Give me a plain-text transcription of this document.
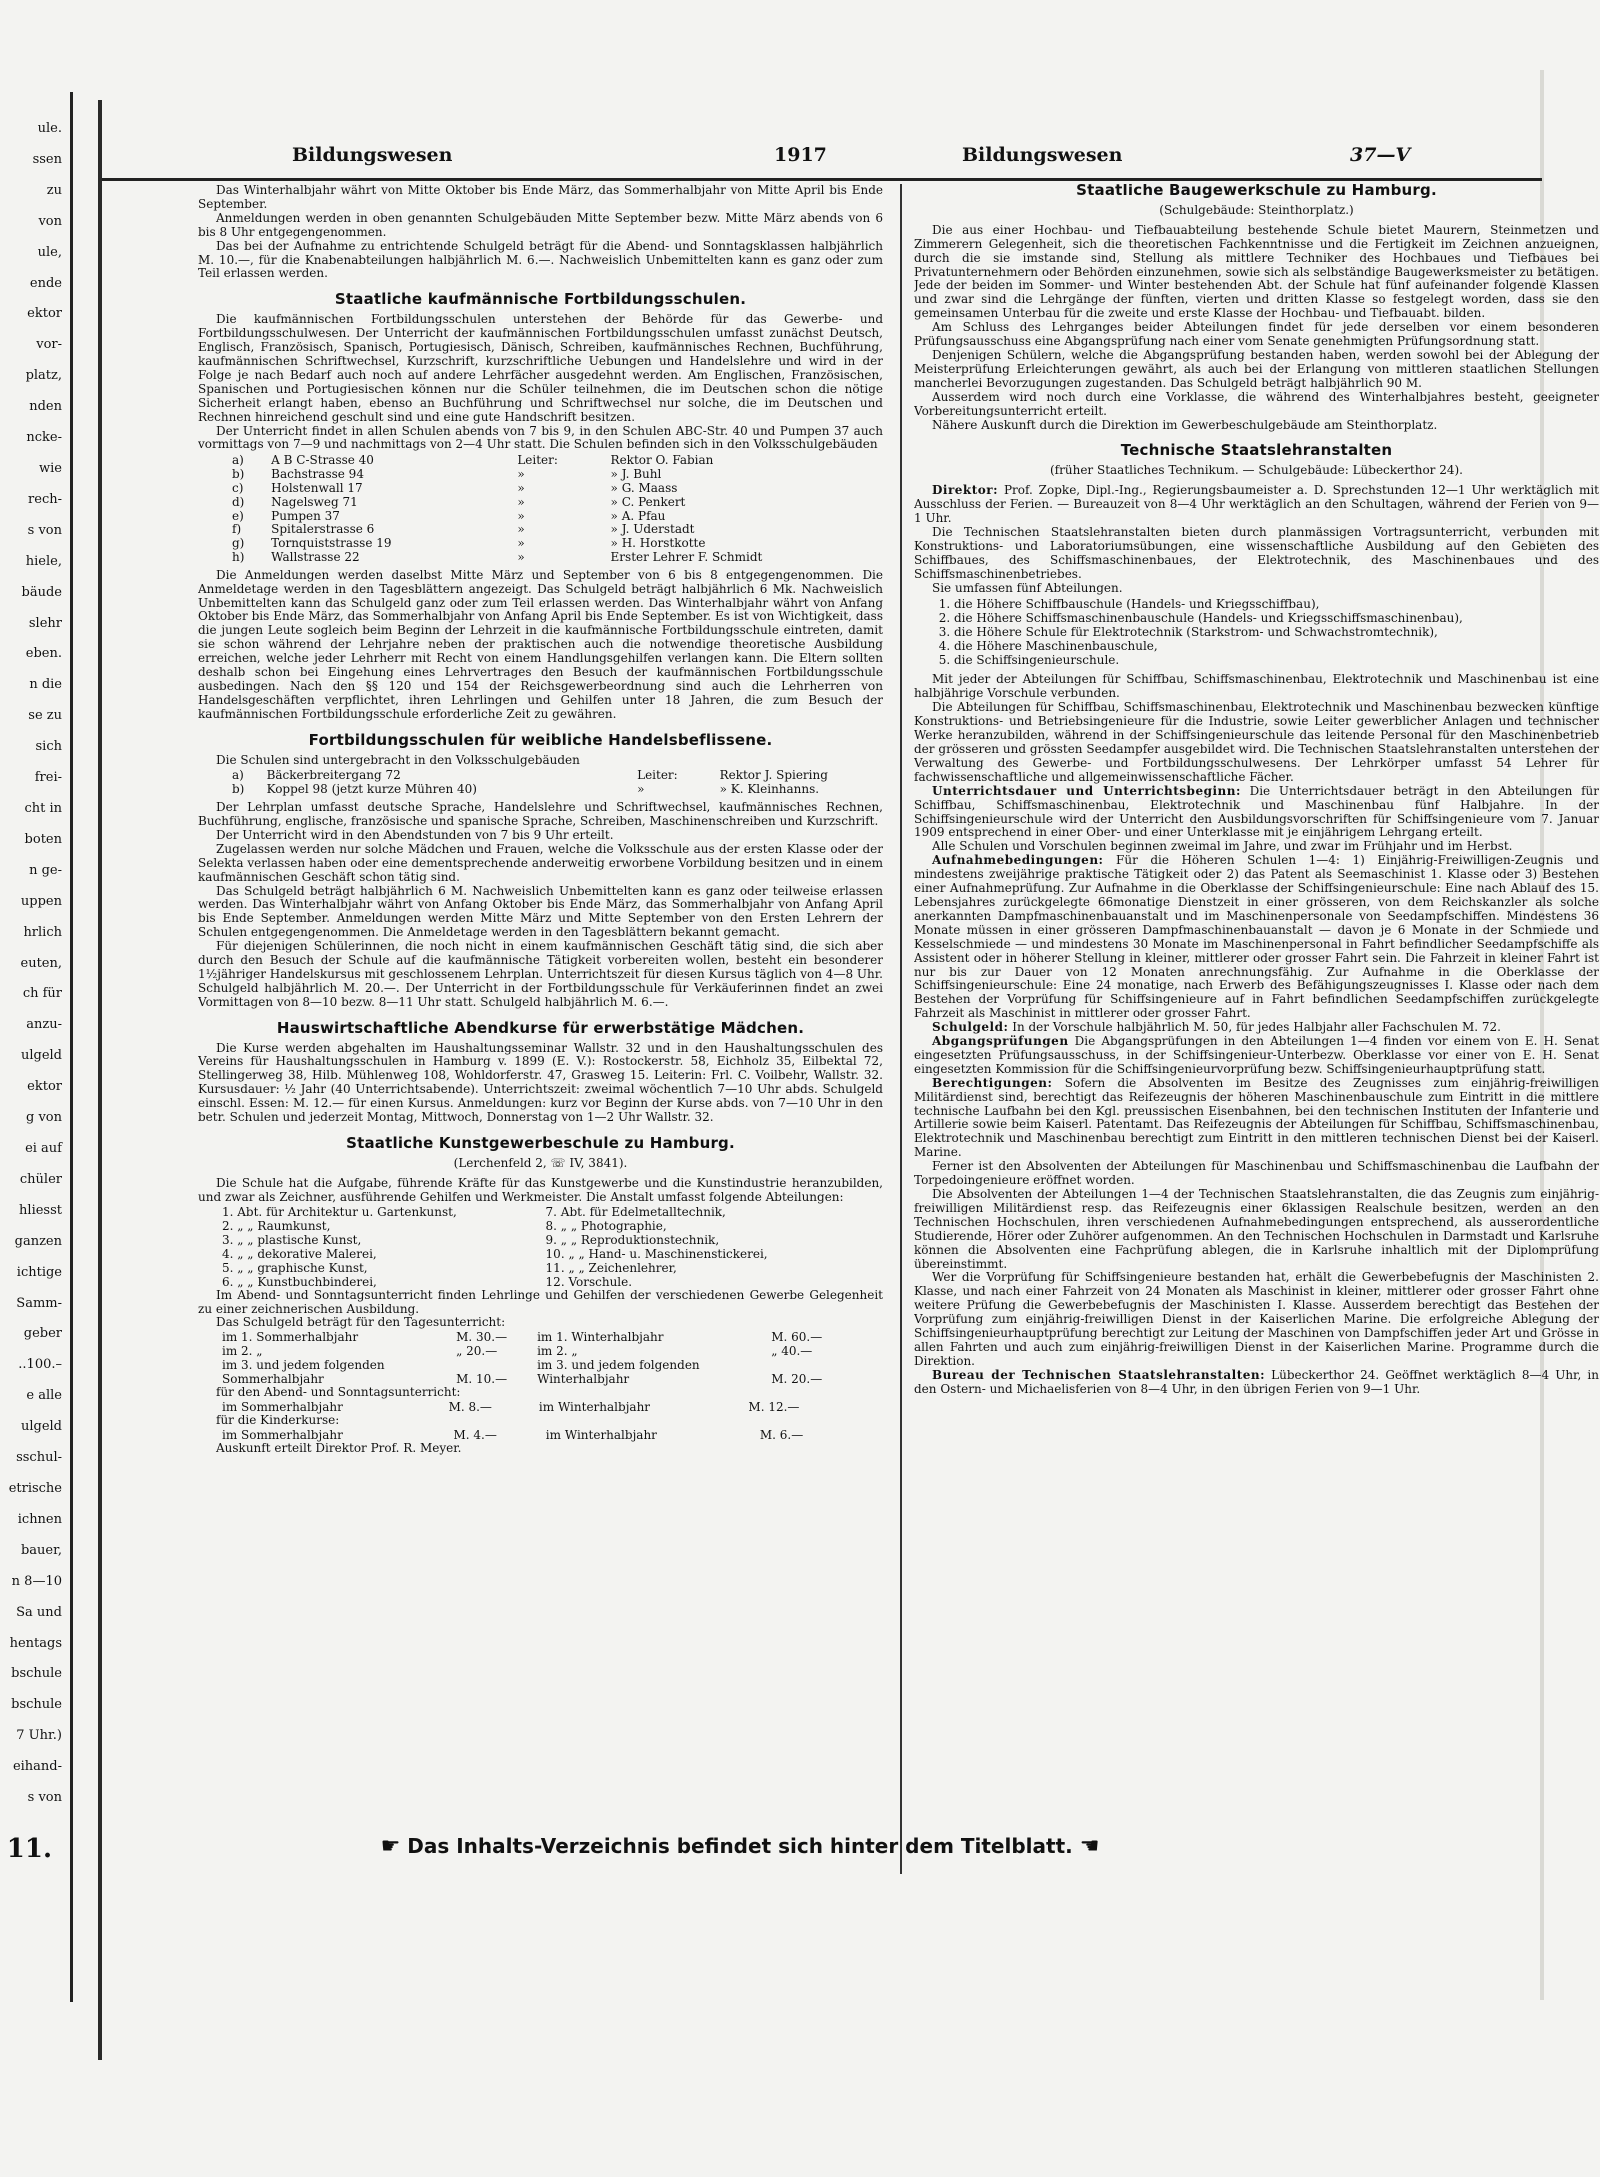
ule.
ssen
zu
von
ule,
ende
ektor
vor-
platz,
nden
ncke-
wie
rech-
s von
hiele,
bäude
slehr
eben.
n die
se zu
sich
frei-
cht in
boten
n ge-
uppen
hrlich
euten,
ch für
anzu-
ulgeld
ektor
g von
ei auf
chüler
hliesst
ganzen
ichtige
Samm-
geber
..100.–
e alle
ulgeld
sschul-
etrische
ichnen
bauer,
n 8—10
Sa und
hentags
bschule
bschule
7 Uhr.)
eihand-
s von
11.
Bildungswesen	1917	Bildungswesen	37—V

Das Winterhalbjahr währt von Mitte Oktober bis Ende März, das Sommerhalbjahr von Mitte April bis Ende September.

Anmeldungen werden in oben genannten Schulgebäuden Mitte September bezw. Mitte März abends von 6 bis 8 Uhr entgegengenommen.

Das bei der Aufnahme zu entrichtende Schulgeld beträgt für die Abend- und Sonntagsklassen halbjährlich M. 10.—, für die Knabenabteilungen halbjährlich M. 6.—. Nachweislich Unbemittelten kann es ganz oder zum Teil erlassen werden.

Staatliche kaufmännische Fortbildungsschulen.

Die kaufmännischen Fortbildungsschulen unterstehen der Behörde für das Gewerbe- und Fortbildungsschulwesen. Der Unterricht der kaufmännischen Fortbildungsschulen umfasst zunächst Deutsch, Englisch, Französisch, Spanisch, Portugiesisch, Dänisch, Schreiben, kaufmännisches Rechnen, Buchführung, kaufmännischen Schriftwechsel, Kurzschrift, kurzschriftliche Uebungen und Handelslehre und wird in der Folge je nach Bedarf auch noch auf andere Lehrfächer ausgedehnt werden. Am Englischen, Französischen, Spanischen und Portugiesischen können nur die Schüler teilnehmen, die im Deutschen schon die nötige Sicherheit erlangt haben, ebenso an Buchführung und Schriftwechsel nur solche, die im Deutschen und Rechnen hinreichend geschult sind und eine gute Handschrift besitzen.

Der Unterricht findet in allen Schulen abends von 7 bis 9, in den Schulen ABC-Str. 40 und Pumpen 37 auch vormittags von 7—9 und nachmittags von 2—4 Uhr statt. Die Schulen befinden sich in den Volksschulgebäuden

a)	A B C-Strasse 40	Leiter:	Rektor O. Fabian
b)	Bachstrasse 94	»	» J. Buhl
c)	Holstenwall 17	»	» G. Maass
d)	Nagelsweg 71	»	» C. Penkert
e)	Pumpen 37	»	» A. Pfau
f)	Spitalerstrasse 6	»	» J. Uderstadt
g)	Tornquiststrasse 19	»	» H. Horstkotte
h)	Wallstrasse 22	»	Erster Lehrer F. Schmidt

Die Anmeldungen werden daselbst Mitte März und September von 6 bis 8 entgegengenommen. Die Anmeldetage werden in den Tagesblättern angezeigt. Das Schulgeld beträgt halbjährlich 6 Mk. Nachweislich Unbemittelten kann das Schulgeld ganz oder zum Teil erlassen werden. Das Winterhalbjahr währt von Anfang Oktober bis Ende März, das Sommerhalbjahr von Anfang April bis Ende September. Es ist von Wichtigkeit, dass die jungen Leute sogleich beim Beginn der Lehrzeit in die kaufmännische Fortbildungsschule eintreten, damit sie schon während der Lehrjahre neben der praktischen auch die notwendige theoretische Ausbildung erreichen, welche jeder Lehrherr mit Recht von einem Handlungsgehilfen verlangen kann. Die Eltern sollten deshalb schon bei Eingehung eines Lehrvertrages den Besuch der kaufmännischen Fortbildungsschule ausbedingen. Nach den §§ 120 und 154 der Reichsgewerbeordnung sind auch die Lehrherren von Handelsgeschäften verpflichtet, ihren Lehrlingen und Gehilfen unter 18 Jahren, die zum Besuch der kaufmännischen Fortbildungsschule erforderliche Zeit zu gewähren.

Fortbildungsschulen für weibliche Handelsbeflissene.

Die Schulen sind untergebracht in den Volksschulgebäuden

a)	Bäckerbreitergang 72	Leiter:	Rektor J. Spiering
b)	Koppel 98 (jetzt kurze Mühren 40)	»	» K. Kleinhanns.

Der Lehrplan umfasst deutsche Sprache, Handelslehre und Schriftwechsel, kaufmännisches Rechnen, Buchführung, englische, französische und spanische Sprache, Schreiben, Maschinenschreiben und Kurzschrift.

Der Unterricht wird in den Abendstunden von 7 bis 9 Uhr erteilt.

Zugelassen werden nur solche Mädchen und Frauen, welche die Volksschule aus der ersten Klasse oder der Selekta verlassen haben oder eine dementsprechende anderweitig erworbene Vorbildung besitzen und in einem kaufmännischen Geschäft schon tätig sind.

Das Schulgeld beträgt halbjährlich 6 M. Nachweislich Unbemittelten kann es ganz oder teilweise erlassen werden. Das Winterhalbjahr währt von Anfang Oktober bis Ende März, das Sommerhalbjahr von Anfang April bis Ende September. Anmeldungen werden Mitte März und Mitte September von den Ersten Lehrern der Schulen entgegengenommen. Die Anmeldetage werden in den Tagesblättern bekannt gemacht.

Für diejenigen Schülerinnen, die noch nicht in einem kaufmännischen Geschäft tätig sind, die sich aber durch den Besuch der Schule auf die kaufmännische Tätigkeit vorbereiten wollen, besteht ein besonderer 1½jähriger Handelskursus mit geschlossenem Lehrplan. Unterrichtszeit für diesen Kursus täglich von 4—8 Uhr. Schulgeld halbjährlich M. 20.—. Der Unterricht in der Fortbildungsschule für Verkäuferinnen findet an zwei Vormittagen von 8—10 bezw. 8—11 Uhr statt. Schulgeld halbjährlich M. 6.—.

Hauswirtschaftliche Abendkurse für erwerbstätige Mädchen.

Die Kurse werden abgehalten im Haushaltungsseminar Wallstr. 32 und in den Haushaltungsschulen des Vereins für Haushaltungsschulen in Hamburg v. 1899 (E. V.): Rostockerstr. 58, Eichholz 35, Eilbektal 72, Stellingerweg 38, Hilb. Mühlenweg 108, Wohldorferstr. 47, Grasweg 15. Leiterin: Frl. C. Voilbehr, Wallstr. 32. Kursusdauer: ½ Jahr (40 Unterrichtsabende). Unterrichtszeit: zweimal wöchentlich 7—10 Uhr abds. Schulgeld einschl. Essen: M. 12.— für einen Kursus. Anmeldungen: kurz vor Beginn der Kurse abds. von 7—10 Uhr in den betr. Schulen und jederzeit Montag, Mittwoch, Donnerstag von 1—2 Uhr Wallstr. 32.

Staatliche Kunstgewerbeschule zu Hamburg.
(Lerchenfeld 2, ☏ IV, 3841).

Die Schule hat die Aufgabe, führende Kräfte für das Kunstgewerbe und die Kunstindustrie heranzubilden, und zwar als Zeichner, ausführende Gehilfen und Werkmeister. Die Anstalt umfasst folgende Abteilungen:

1. Abt. für Architektur u. Gartenkunst,	7. Abt. für Edelmetalltechnik,
2. „ „ Raumkunst,	8. „ „ Photographie,
3. „ „ plastische Kunst,	9. „ „ Reproduktionstechnik,
4. „ „ dekorative Malerei,	10. „ „ Hand- u. Maschinenstickerei,
5. „ „ graphische Kunst,	11. „ „ Zeichenlehrer,
6. „ „ Kunstbuchbinderei,	12. Vorschule.

Im Abend- und Sonntagsunterricht finden Lehrlinge und Gehilfen der verschiedenen Gewerbe Gelegenheit zu einer zeichnerischen Ausbildung.

Das Schulgeld beträgt für den Tagesunterricht:

im 1. Sommerhalbjahr	M. 30.—	im 1. Winterhalbjahr	M. 60.—
im 2. „	„ 20.—	im 2. „	„ 40.—
im 3. und jedem folgenden		im 3. und jedem folgenden	
Sommerhalbjahr	M. 10.—	Winterhalbjahr	M. 20.—

für den Abend- und Sonntagsunterricht:

im Sommerhalbjahr	M. 8.—	im Winterhalbjahr	M. 12.—

für die Kinderkurse:

im Sommerhalbjahr	M. 4.—	im Winterhalbjahr	M. 6.—

Auskunft erteilt Direktor Prof. R. Meyer.

Staatliche Baugewerkschule zu Hamburg.
(Schulgebäude: Steinthorplatz.)

Die aus einer Hochbau- und Tiefbauabteilung bestehende Schule bietet Maurern, Steinmetzen und Zimmerern Gelegenheit, sich die theoretischen Fachkenntnisse und die Fertigkeit im Zeichnen anzueignen, durch die sie imstande sind, Stellung als mittlere Techniker des Hochbaues und Tiefbaues bei Privatunternehmern oder Behörden einzunehmen, sowie sich als selbständige Baugewerksmeister zu betätigen. Jede der beiden im Sommer- und Winter bestehenden Abt. der Schule hat fünf aufeinander folgende Klassen und zwar sind die Lehrgänge der fünften, vierten und dritten Klasse so festgelegt worden, dass sie den gemeinsamen Unterbau für die zweite und erste Klasse der Hochbau- und Tiefbauabt. bilden.

Am Schluss des Lehrganges beider Abteilungen findet für jede derselben vor einem besonderen Prüfungsausschuss eine Abgangsprüfung nach einer vom Senate genehmigten Prüfungsordnung statt.

Denjenigen Schülern, welche die Abgangsprüfung bestanden haben, werden sowohl bei der Ablegung der Meisterprüfung Erleichterungen gewährt, als auch bei der Erlangung von mittleren staatlichen Stellungen mancherlei Bevorzugungen zugestanden. Das Schulgeld beträgt halbjährlich 90 M.

Ausserdem wird noch durch eine Vorklasse, die während des Winterhalbjahres besteht, geeigneter Vorbereitungsunterricht erteilt.

Nähere Auskunft durch die Direktion im Gewerbeschulgebäude am Steinthorplatz.

Technische Staatslehranstalten
(früher Staatliches Technikum. — Schulgebäude: Lübeckerthor 24).

Direktor: Prof. Zopke, Dipl.-Ing., Regierungsbaumeister a. D. Sprechstunden 12—1 Uhr werktäglich mit Ausschluss der Ferien. — Bureauzeit von 8—4 Uhr werktäglich an den Schultagen, während der Ferien von 9—1 Uhr.

Die Technischen Staatslehranstalten bieten durch planmässigen Vortragsunterricht, verbunden mit Konstruktions- und Laboratoriumsübungen, eine wissenschaftliche Ausbildung auf den Gebieten des Schiffbaues, des Schiffsmaschinenbaues, der Elektrotechnik, des Maschinenbaues und des Schiffsmaschinenbetriebes.

Sie umfassen fünf Abteilungen.

1. die Höhere Schiffbauschule (Handels- und Kriegsschiffbau),
2. die Höhere Schiffsmaschinenbauschule (Handels- und Kriegsschiffsmaschinenbau),
3. die Höhere Schule für Elektrotechnik (Starkstrom- und Schwachstromtechnik),
4. die Höhere Maschinenbauschule,
5. die Schiffsingenieurschule.

Mit jeder der Abteilungen für Schiffbau, Schiffsmaschinenbau, Elektrotechnik und Maschinenbau ist eine halbjährige Vorschule verbunden.

Die Abteilungen für Schiffbau, Schiffsmaschinenbau, Elektrotechnik und Maschinenbau bezwecken künftige Konstruktions- und Betriebsingenieure für die Industrie, sowie Leiter gewerblicher Anlagen und technischer Werke heranzubilden, während in der Schiffsingenieurschule das leitende Personal für den Maschinenbetrieb der grösseren und grössten Seedampfer ausgebildet wird. Die Technischen Staatslehranstalten unterstehen der Verwaltung des Gewerbe- und Fortbildungsschulwesens. Der Lehrkörper umfasst 54 Lehrer für fachwissenschaftliche und allgemeinwissenschaftliche Fächer.

Unterrichtsdauer und Unterrichtsbeginn: Die Unterrichtsdauer beträgt in den Abteilungen für Schiffbau, Schiffsmaschinenbau, Elektrotechnik und Maschinenbau fünf Halbjahre. In der Schiffsingenieurschule wird der Unterricht den Ausbildungsvorschriften für Schiffsingenieure vom 7. Januar 1909 entsprechend in einer Ober- und einer Unterklasse mit je einjährigem Lehrgang erteilt.

Alle Schulen und Vorschulen beginnen zweimal im Jahre, und zwar im Frühjahr und im Herbst.

Aufnahmebedingungen: Für die Höheren Schulen 1—4: 1) Einjährig-Freiwilligen-Zeugnis und mindestens zweijährige praktische Tätigkeit oder 2) das Patent als Seemaschinist 1. Klasse oder 3) Bestehen einer Aufnahmeprüfung. Zur Aufnahme in die Oberklasse der Schiffsingenieurschule: Eine nach Ablauf des 15. Lebensjahres zurückgelegte 66monatige Dienstzeit in einer grösseren, von dem Reichskanzler als solche anerkannten Dampfmaschinenbauanstalt und im Maschinenpersonale von Seedampfschiffen. Mindestens 36 Monate müssen in einer grösseren Dampfmaschinenbauanstalt — davon je 6 Monate in der Schmiede und Kesselschmiede — und mindestens 30 Monate im Maschinenpersonal in Fahrt befindlicher Seedampfschiffe als Assistent oder in höherer Stellung in kleiner, mittlerer oder grosser Fahrt sein. Die Fahrzeit in kleiner Fahrt ist nur bis zur Dauer von 12 Monaten anrechnungsfähig. Zur Aufnahme in die Oberklasse der Schiffsingenieurschule: Eine 24 monatige, nach Erwerb des Befähigungszeugnisses I. Klasse oder nach dem Bestehen der Vorprüfung für Schiffsingenieure auf in Fahrt befindlichen Seedampfschiffen zurückgelegte Fahrzeit als Maschinist in mittlerer oder grosser Fahrt.

Schulgeld: In der Vorschule halbjährlich M. 50, für jedes Halbjahr aller Fachschulen M. 72.

Abgangsprüfungen Die Abgangsprüfungen in den Abteilungen 1—4 finden vor einem von E. H. Senat eingesetzten Prüfungsausschuss, in der Schiffsingenieur-Unterbezw. Oberklasse vor einer von E. H. Senat eingesetzten Kommission für die Schiffsingenieurvorprüfung bezw. Schiffsingenieurhauptprüfung statt.

Berechtigungen: Sofern die Absolventen im Besitze des Zeugnisses zum einjährig-freiwilligen Militärdienst sind, berechtigt das Reifezeugnis der höheren Maschinenbauschule zum Eintritt in die mittlere technische Laufbahn bei den Kgl. preussischen Eisenbahnen, bei den technischen Instituten der Infanterie und Artillerie sowie beim Kaiserl. Patentamt. Das Reifezeugnis der Abteilungen für Schiffbau, Schiffsmaschinenbau, Elektrotechnik und Maschinenbau berechtigt zum Eintritt in den mittleren technischen Dienst bei der Kaiserl. Marine.

Ferner ist den Absolventen der Abteilungen für Maschinenbau und Schiffsmaschinenbau die Laufbahn der Torpedoingenieure eröffnet worden.

Die Absolventen der Abteilungen 1—4 der Technischen Staatslehranstalten, die das Zeugnis zum einjährig-freiwilligen Militärdienst resp. das Reifezeugnis einer 6klassigen Realschule besitzen, werden an den Technischen Hochschulen, ihren verschiedenen Aufnahmebedingungen entsprechend, als ausserordentliche Studierende, Hörer oder Zuhörer aufgenommen. An den Technischen Hochschulen in Darmstadt und Karlsruhe können die Absolventen eine Fachprüfung ablegen, die in Karlsruhe inhaltlich mit der Diplomprüfung übereinstimmt.

Wer die Vorprüfung für Schiffsingenieure bestanden hat, erhält die Gewerbebefugnis der Maschinisten 2. Klasse, und nach einer Fahrzeit von 24 Monaten als Maschinist in kleiner, mittlerer oder grosser Fahrt ohne weitere Prüfung die Gewerbebefugnis der Maschinisten I. Klasse. Ausserdem berechtigt das Bestehen der Vorprüfung zum einjährig-freiwilligen Dienst in der Kaiserlichen Marine. Die erfolgreiche Ablegung der Schiffsingenieurhauptprüfung berechtigt zur Leitung der Maschinen von Dampfschiffen jeder Art und Grösse in allen Fahrten und auch zum einjährig-freiwilligen Dienst in der Kaiserlichen Marine. Programme durch die Direktion.

Bureau der Technischen Staatslehranstalten: Lübeckerthor 24. Geöffnet werktäglich 8—4 Uhr, in den Ostern- und Michaelisferien von 8—4 Uhr, in den übrigen Ferien von 9—1 Uhr.

☛ Das Inhalts-Verzeichnis befindet sich hinter dem Titelblatt. ☚
